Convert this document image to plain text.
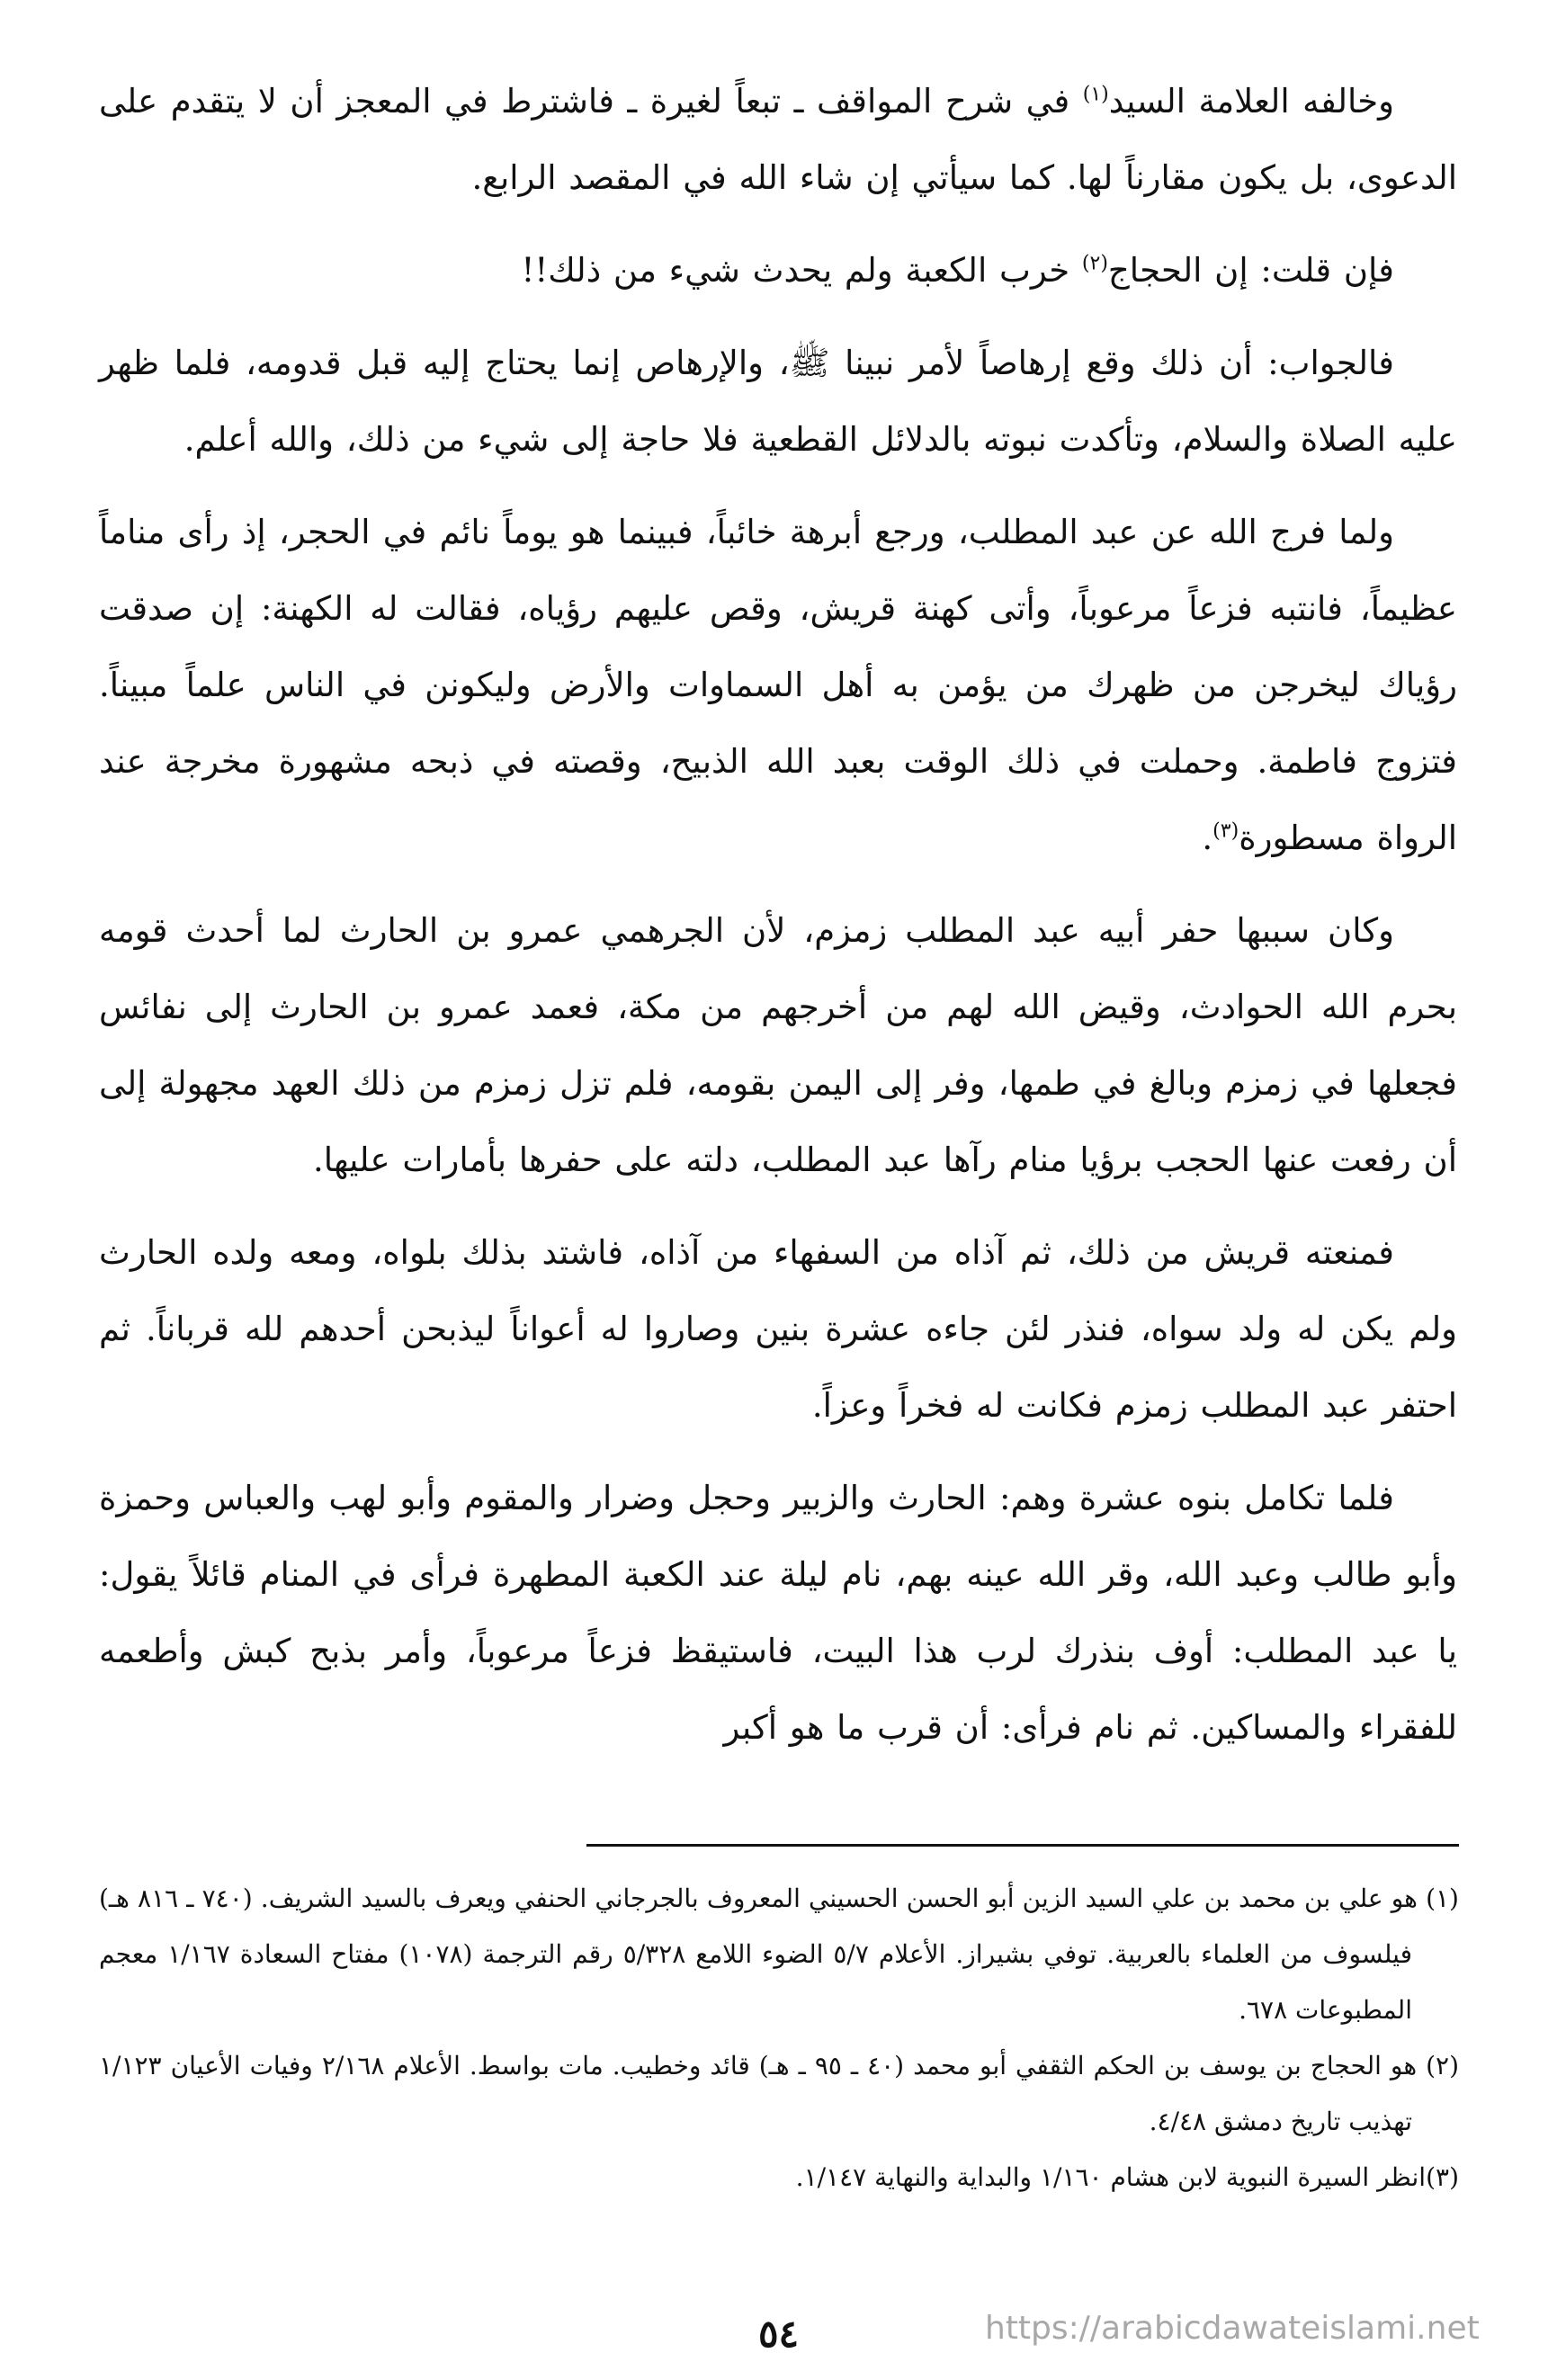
وخالفه العلامة السيد$^{(١)}$ في شرح المواقف ـ تبعاً لغيرة ـ فاشترط في المعجز أن لا يتقدم على الدعوى، بل يكون مقارناً لها. كما سيأتي إن شاء الله في المقصد الرابع.

فإن قلت: إن الحجاج$^{(٢)}$ خرب الكعبة ولم يحدث شيء من ذلك!!

فالجواب: أن ذلك وقع إرهاصاً لأمر نبينا ﷺ، والإرهاص إنما يحتاج إليه قبل قدومه، فلما ظهر عليه الصلاة والسلام، وتأكدت نبوته بالدلائل القطعية فلا حاجة إلى شيء من ذلك، والله أعلم.

ولما فرج الله عن عبد المطلب، ورجع أبرهة خائباً، فبينما هو يوماً نائم في الحجر، إذ رأى مناماً عظيماً، فانتبه فزعاً مرعوباً، وأتى كهنة قريش، وقص عليهم رؤياه، فقالت له الكهنة: إن صدقت رؤياك ليخرجن من ظهرك من يؤمن به أهل السماوات والأرض وليكونن في الناس علماً مبيناً. فتزوج فاطمة. وحملت في ذلك الوقت بعبد الله الذبيح، وقصته في ذبحه مشهورة مخرجة عند الرواة مسطورة$^{(٣)}$.

وكان سببها حفر أبيه عبد المطلب زمزم، لأن الجرهمي عمرو بن الحارث لما أحدث قومه بحرم الله الحوادث، وقيض الله لهم من أخرجهم من مكة، فعمد عمرو بن الحارث إلى نفائس فجعلها في زمزم وبالغ في طمها، وفر إلى اليمن بقومه، فلم تزل زمزم من ذلك العهد مجهولة إلى أن رفعت عنها الحجب برؤيا منام رآها عبد المطلب، دلته على حفرها بأمارات عليها.

فمنعته قريش من ذلك، ثم آذاه من السفهاء من آذاه، فاشتد بذلك بلواه، ومعه ولده الحارث ولم يكن له ولد سواه، فنذر لئن جاءه عشرة بنين وصاروا له أعواناً ليذبحن أحدهم لله قرباناً. ثم احتفر عبد المطلب زمزم فكانت له فخراً وعزاً.

فلما تكامل بنوه عشرة وهم: الحارث والزبير وحجل وضرار والمقوم وأبو لهب والعباس وحمزة وأبو طالب وعبد الله، وقر الله عينه بهم، نام ليلة عند الكعبة المطهرة فرأى في المنام قائلاً يقول: يا عبد المطلب: أوف بنذرك لرب هذا البيت، فاستيقظ فزعاً مرعوباً، وأمر بذبح كبش وأطعمه للفقراء والمساكين. ثم نام فرأى: أن قرب ما هو أكبر

(١) هو علي بن محمد بن علي السيد الزين أبو الحسن الحسيني المعروف بالجرجاني الحنفي ويعرف بالسيد الشريف. (٧٤٠ ـ ٨١٦ هـ) فيلسوف من العلماء بالعربية. توفي بشيراز. الأعلام ٥/٧ الضوء اللامع ٥/٣٢٨ رقم الترجمة (١٠٧٨) مفتاح السعادة ١/١٦٧ معجم المطبوعات ٦٧٨.

(٢) هو الحجاج بن يوسف بن الحكم الثقفي أبو محمد (٤٠ ـ ٩٥ ـ هـ) قائد وخطيب. مات بواسط. الأعلام ٢/١٦٨ وفيات الأعيان ١/١٢٣ تهذيب تاريخ دمشق ٤/٤٨.

(٣)انظر السيرة النبوية لابن هشام ١/١٦٠ والبداية والنهاية ١/١٤٧.

٥٤	https://arabicdawateislami.net
